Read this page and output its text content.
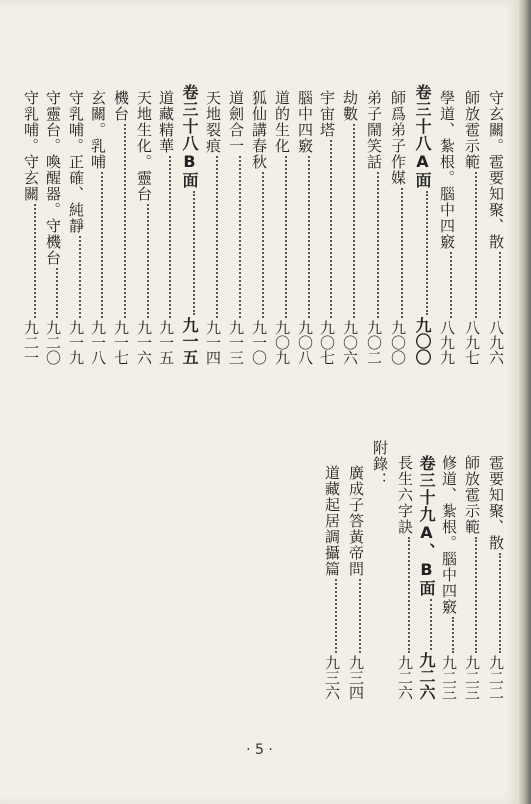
守玄關。雹要知聚、散八九六
師放雹示範八九七
學道、紮根。腦中四竅八九九
卷三十八A面九〇〇
師爲弟子作媒九〇〇
弟子鬧笑話九〇二
劫數九〇六
宇宙塔九〇七
腦中四竅九〇八
道的生化九〇九
狐仙講春秋九一〇
道劍合一九一三
天地裂痕九一四
卷三十八B面九一五
道藏精華九一五
天地生化。靈台九一六
機台九一七
玄關。乳哺九一八
守乳哺。正確、純靜九一九
守靈台。喚醒器。守機台九二〇
守乳哺。守玄關九二一
雹要知聚、散九二二
師放雹示範九二三
修道、紮根。腦中四竅九二三
卷三十九A、B面九二六
長生六字訣九二六
附錄：
廣成子答黃帝問九三四
道藏起居調攝篇九三六
· 5 ·
